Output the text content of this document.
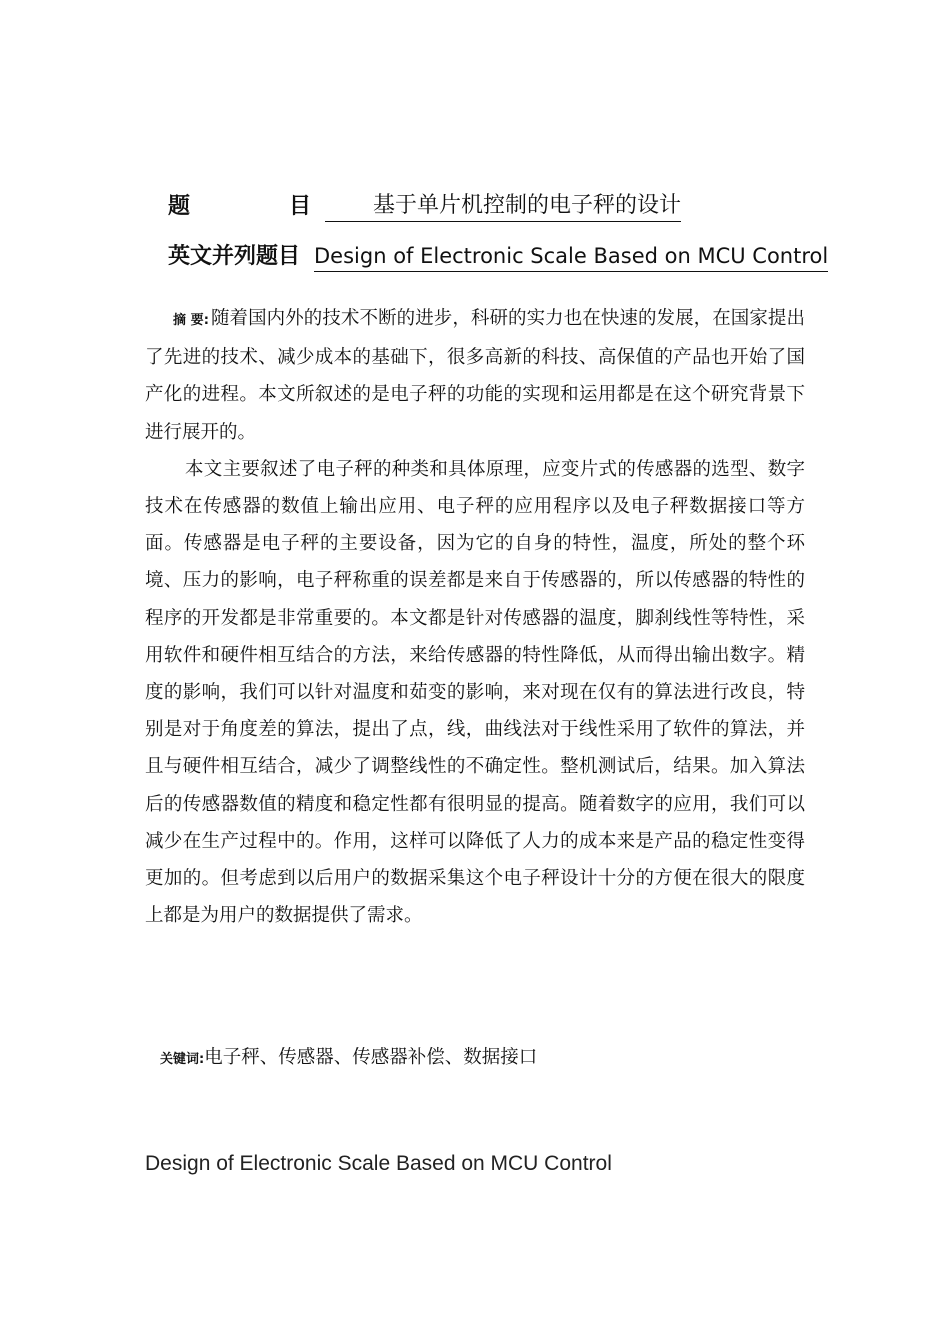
题	目	基于单片机控制的电子秤的设计
英文并列题目 Design of Electronic Scale Based on MCU Control

摘 要: 随着国内外的技术不断的进步，科研的实力也在快速的发展，在国家提出了先进的技术、减少成本的基础下，很多高新的科技、高保值的产品也开始了国产化的进程。本文所叙述的是电子秤的功能的实现和运用都是在这个研究背景下进行展开的。

本文主要叙述了电子秤的种类和具体原理，应变片式的传感器的选型、数字技术在传感器的数值上输出应用、电子秤的应用程序以及电子秤数据接口等方面。传感器是电子秤的主要设备，因为它的自身的特性，温度，所处的整个环境、压力的影响，电子秤称重的误差都是来自于传感器的，所以传感器的特性的程序的开发都是非常重要的。本文都是针对传感器的温度，脚刹线性等特性，采用软件和硬件相互结合的方法，来给传感器的特性降低，从而得出输出数字。精度的影响，我们可以针对温度和茹变的影响，来对现在仅有的算法进行改良，特别是对于角度差的算法，提出了点，线，曲线法对于线性采用了软件的算法，并且与硬件相互结合，减少了调整线性的不确定性。整机测试后，结果。加入算法后的传感器数值的精度和稳定性都有很明显的提高。随着数字的应用，我们可以减少在生产过程中的。作用，这样可以降低了人力的成本来是产品的稳定性变得更加的。但考虑到以后用户的数据采集这个电子秤设计十分的方便在很大的限度上都是为用户的数据提供了需求。

关键词:电子秤、传感器、传感器补偿、数据接口
Design of Electronic Scale Based on MCU Control
